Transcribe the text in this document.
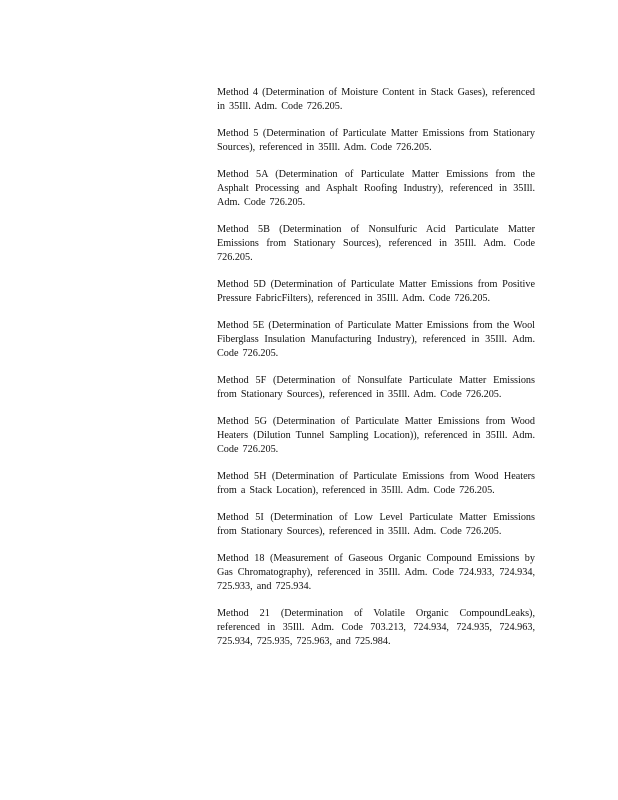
Method 4 (Determination of Moisture Content in Stack Gases), referenced in 35Ill. Adm. Code 726.205.
Method 5 (Determination of Particulate Matter Emissions from Stationary Sources), referenced in 35Ill. Adm. Code 726.205.
Method 5A (Determination of Particulate Matter Emissions from the Asphalt Processing and Asphalt Roofing Industry), referenced in 35Ill. Adm. Code 726.205.
Method 5B (Determination of Nonsulfuric Acid Particulate Matter Emissions from Stationary Sources), referenced in 35Ill. Adm. Code 726.205.
Method 5D (Determination of Particulate Matter Emissions from Positive Pressure FabricFilters), referenced in 35Ill. Adm. Code 726.205.
Method 5E (Determination of Particulate Matter Emissions from the Wool Fiberglass Insulation Manufacturing Industry), referenced in 35Ill. Adm. Code 726.205.
Method 5F (Determination of Nonsulfate Particulate Matter Emissions from Stationary Sources), referenced in 35Ill. Adm. Code 726.205.
Method 5G (Determination of Particulate Matter Emissions from Wood Heaters (Dilution Tunnel Sampling Location)), referenced in 35Ill. Adm. Code 726.205.
Method 5H (Determination of Particulate Emissions from Wood Heaters from a Stack Location), referenced in 35Ill. Adm. Code 726.205.
Method 5I (Determination of Low Level Particulate Matter Emissions from Stationary Sources), referenced in 35Ill. Adm. Code 726.205.
Method 18 (Measurement of Gaseous Organic Compound Emissions by Gas Chromatography), referenced in 35Ill. Adm. Code 724.933, 724.934, 725.933, and 725.934.
Method 21 (Determination of Volatile Organic CompoundLeaks), referenced in 35Ill. Adm. Code 703.213, 724.934, 724.935, 724.963, 725.934, 725.935, 725.963, and 725.984.
